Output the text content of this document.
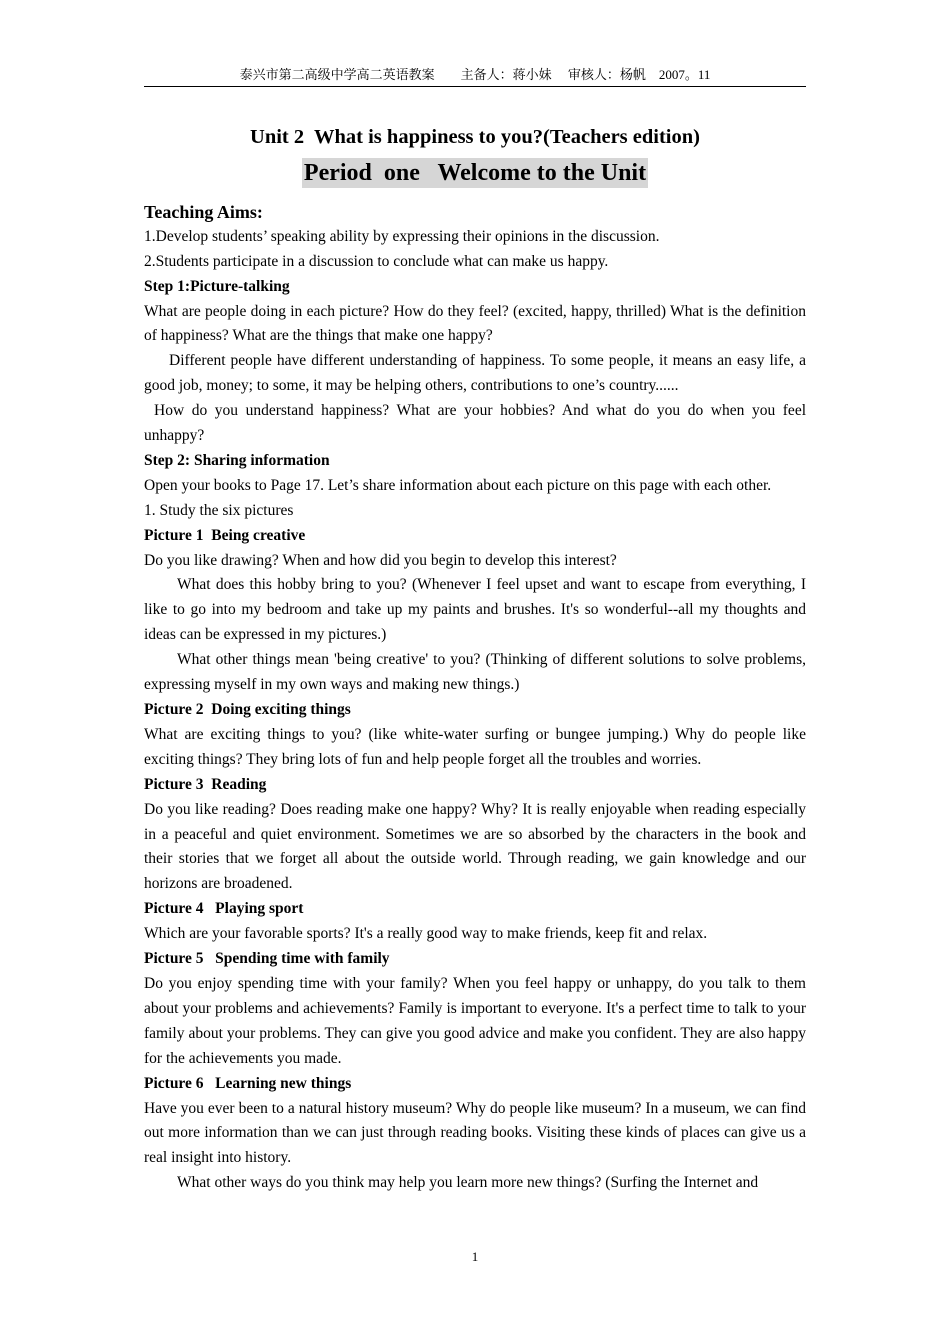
泰兴市第二高级中学高二英语教案　　主备人：蒋小妹　 审核人：杨帆　2007。11
Unit 2  What is happiness to you?(Teachers edition)
Period  one   Welcome to the Unit

Teaching Aims:

1.Develop students’ speaking ability by expressing their opinions in the discussion.

2.Students participate in a discussion to conclude what can make us happy.

Step 1:Picture-talking

What are people doing in each picture? How do they feel? (excited, happy, thrilled) What is the definition of happiness? What are the things that make one happy?

Different people have different understanding of happiness. To some people, it means an easy life, a good job, money; to some, it may be helping others, contributions to one’s country......

How do you understand happiness? What are your hobbies? And what do you do when you feel unhappy?

Step 2: Sharing information

Open your books to Page 17. Let’s share information about each picture on this page with each other.

1. Study the six pictures

Picture 1  Being creative

Do you like drawing? When and how did you begin to develop this interest?

What does this hobby bring to you? (Whenever I feel upset and want to escape from everything, I like to go into my bedroom and take up my paints and brushes. It's so wonderful--all my thoughts and ideas can be expressed in my pictures.)

What other things mean 'being creative' to you? (Thinking of different solutions to solve problems, expressing myself in my own ways and making new things.)

Picture 2  Doing exciting things

What are exciting things to you? (like white-water surfing or bungee jumping.) Why do people like exciting things? They bring lots of fun and help people forget all the troubles and worries.

Picture 3  Reading

Do you like reading? Does reading make one happy? Why? It is really enjoyable when reading especially in a peaceful and quiet environment. Sometimes we are so absorbed by the characters in the book and their stories that we forget all about the outside world. Through reading, we gain knowledge and our horizons are broadened.

Picture 4   Playing sport

Which are your favorable sports? It's a really good way to make friends, keep fit and relax.

Picture 5   Spending time with family

Do you enjoy spending time with your family? When you feel happy or unhappy, do you talk to them about your problems and achievements? Family is important to everyone. It's a perfect time to talk to your family about your problems. They can give you good advice and make you confident. They are also happy for the achievements you made.

Picture 6   Learning new things

Have you ever been to a natural history museum? Why do people like museum? In a museum, we can find out more information than we can just through reading books. Visiting these kinds of places can give us a real insight into history.

What other ways do you think may help you learn more new things? (Surfing the Internet and

1
